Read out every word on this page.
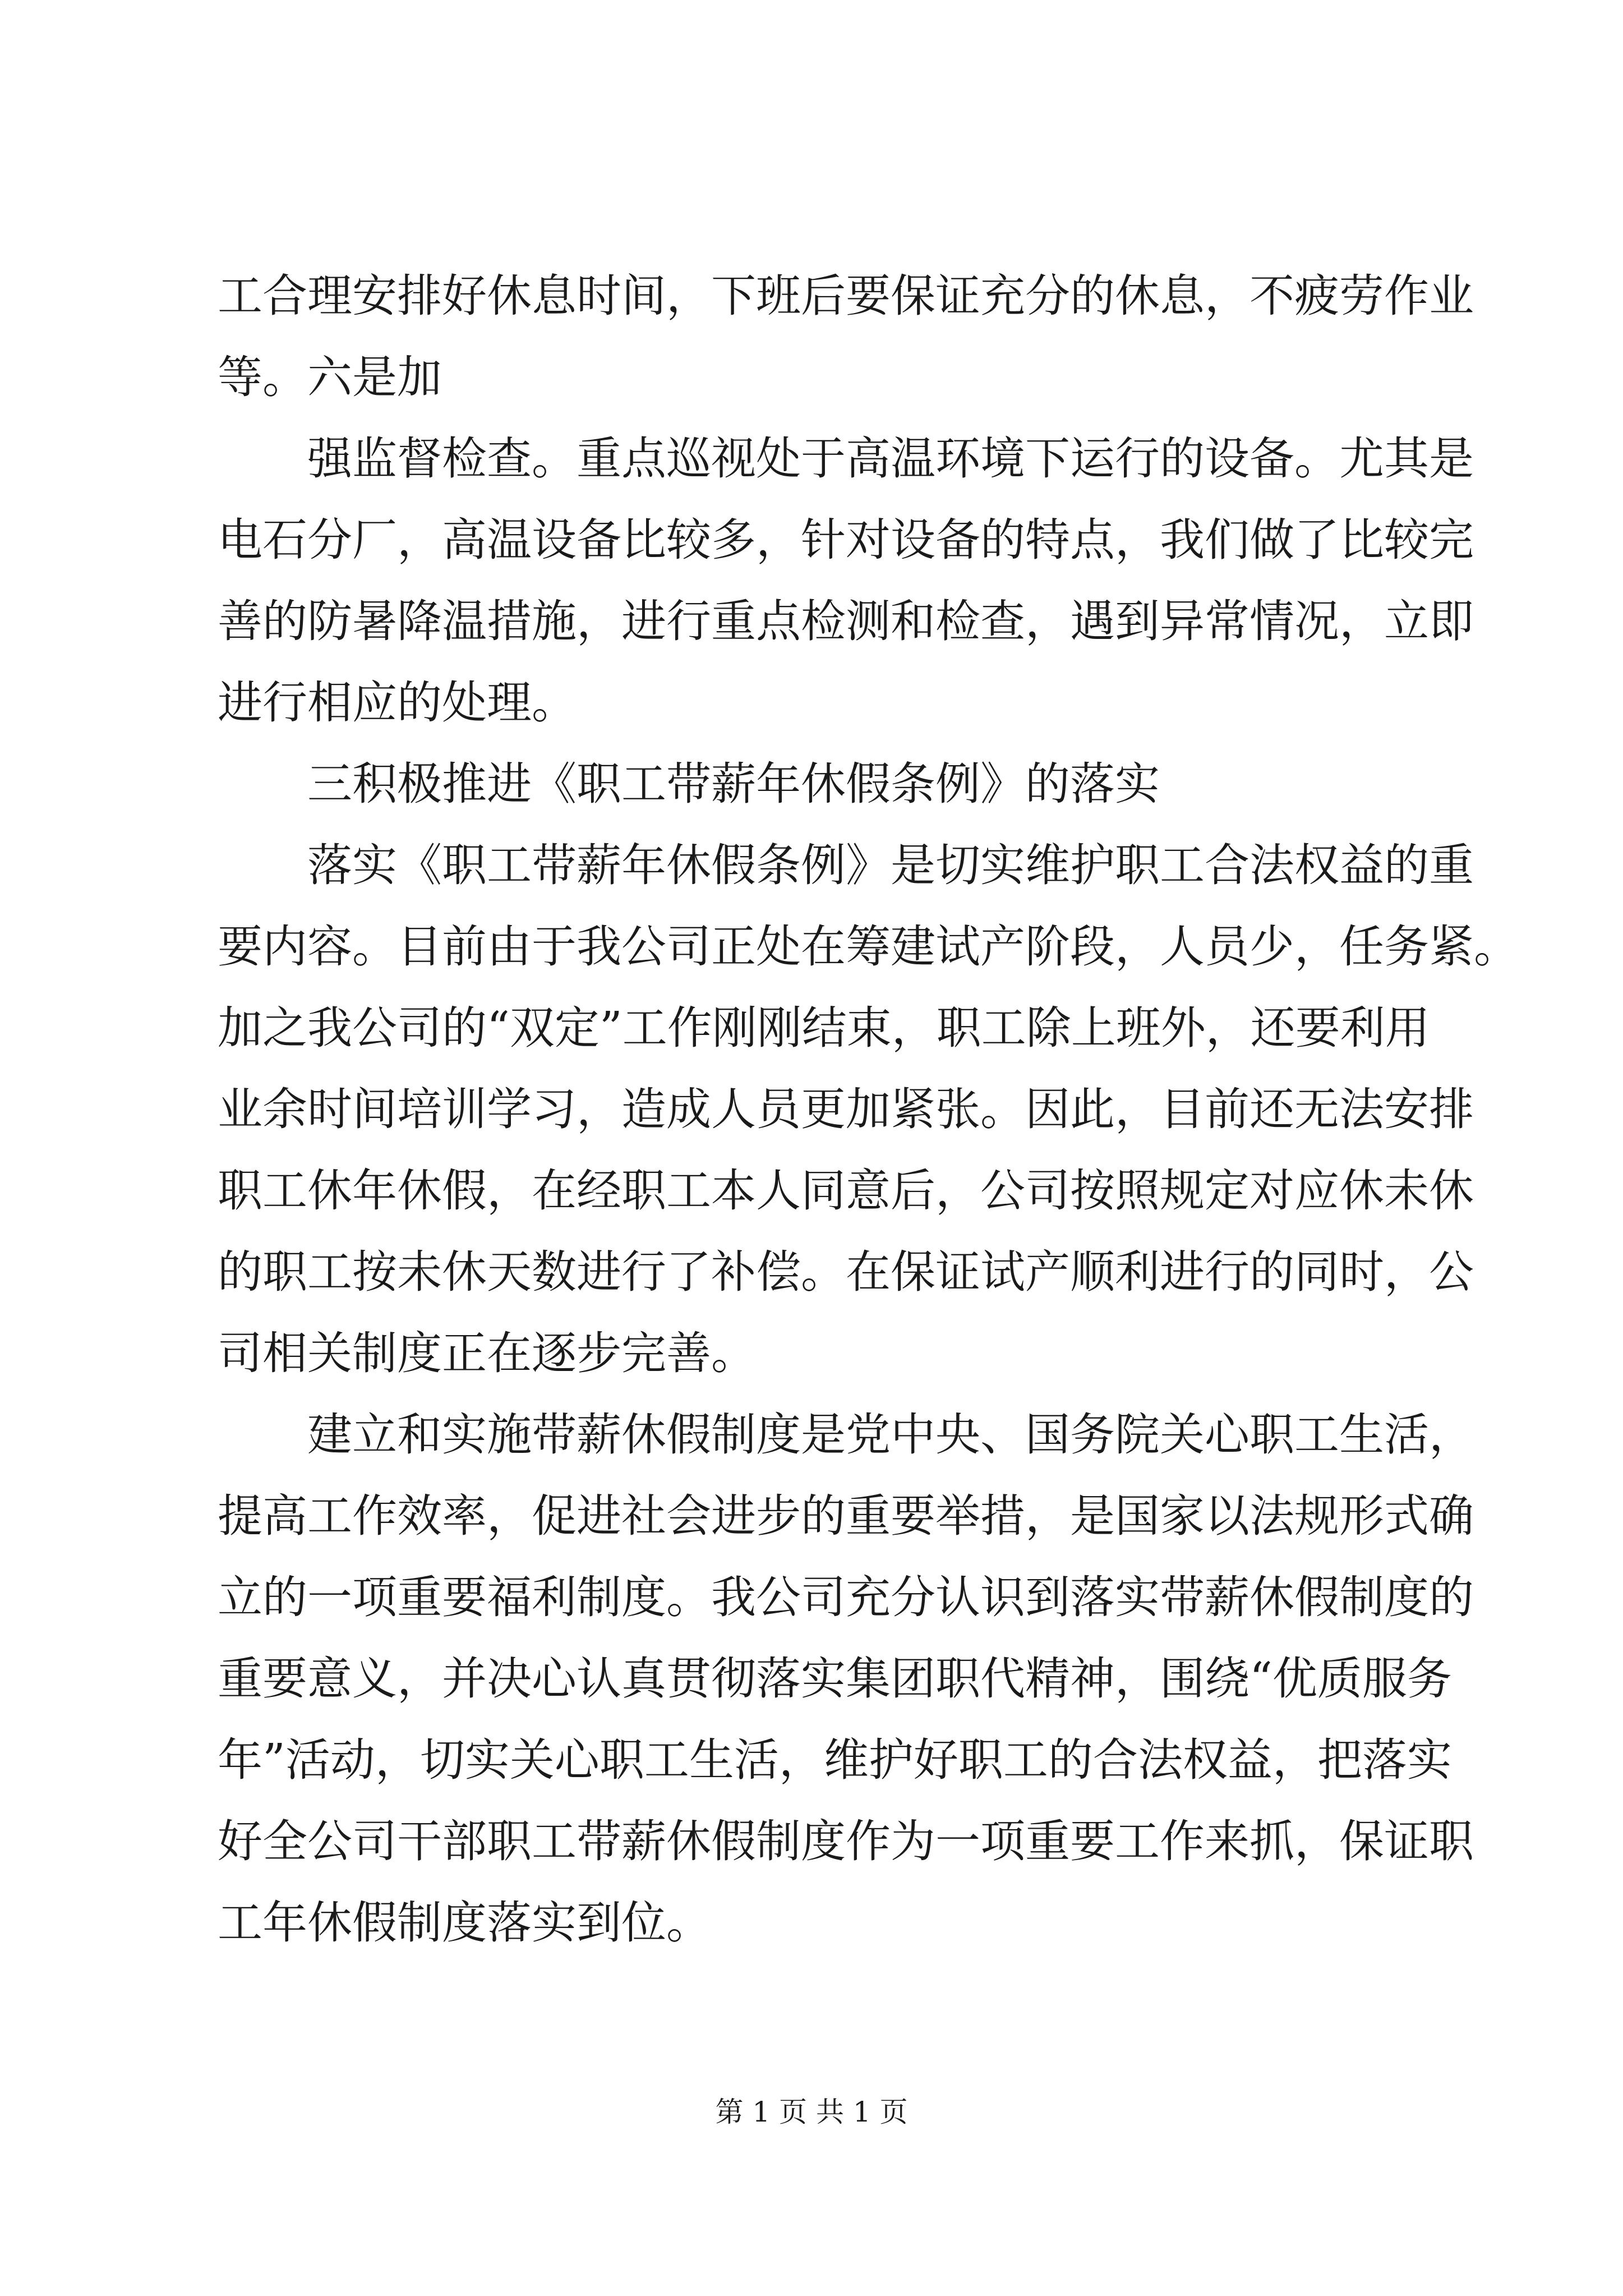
工合理安排好休息时间，下班后要保证充分的休息，不疲劳作业
等。六是加
强监督检查。重点巡视处于高温环境下运行的设备。尤其是
电石分厂，高温设备比较多，针对设备的特点，我们做了比较完
善的防暑降温措施，进行重点检测和检查，遇到异常情况，立即
进行相应的处理。
三积极推进《职工带薪年休假条例》的落实
落实《职工带薪年休假条例》是切实维护职工合法权益的重
要内容。目前由于我公司正处在筹建试产阶段，人员少，任务紧。
加之我公司的“双定”工作刚刚结束，职工除上班外，还要利用
业余时间培训学习，造成人员更加紧张。因此，目前还无法安排
职工休年休假，在经职工本人同意后，公司按照规定对应休未休
的职工按未休天数进行了补偿。在保证试产顺利进行的同时，公
司相关制度正在逐步完善。
建立和实施带薪休假制度是党中央、国务院关心职工生活，
提高工作效率，促进社会进步的重要举措，是国家以法规形式确
立的一项重要福利制度。我公司充分认识到落实带薪休假制度的
重要意义，并决心认真贯彻落实集团职代精神，围绕“优质服务
年”活动，切实关心职工生活，维护好职工的合法权益，把落实
好全公司干部职工带薪休假制度作为一项重要工作来抓，保证职
工年休假制度落实到位。
第 1 页 共 1 页
